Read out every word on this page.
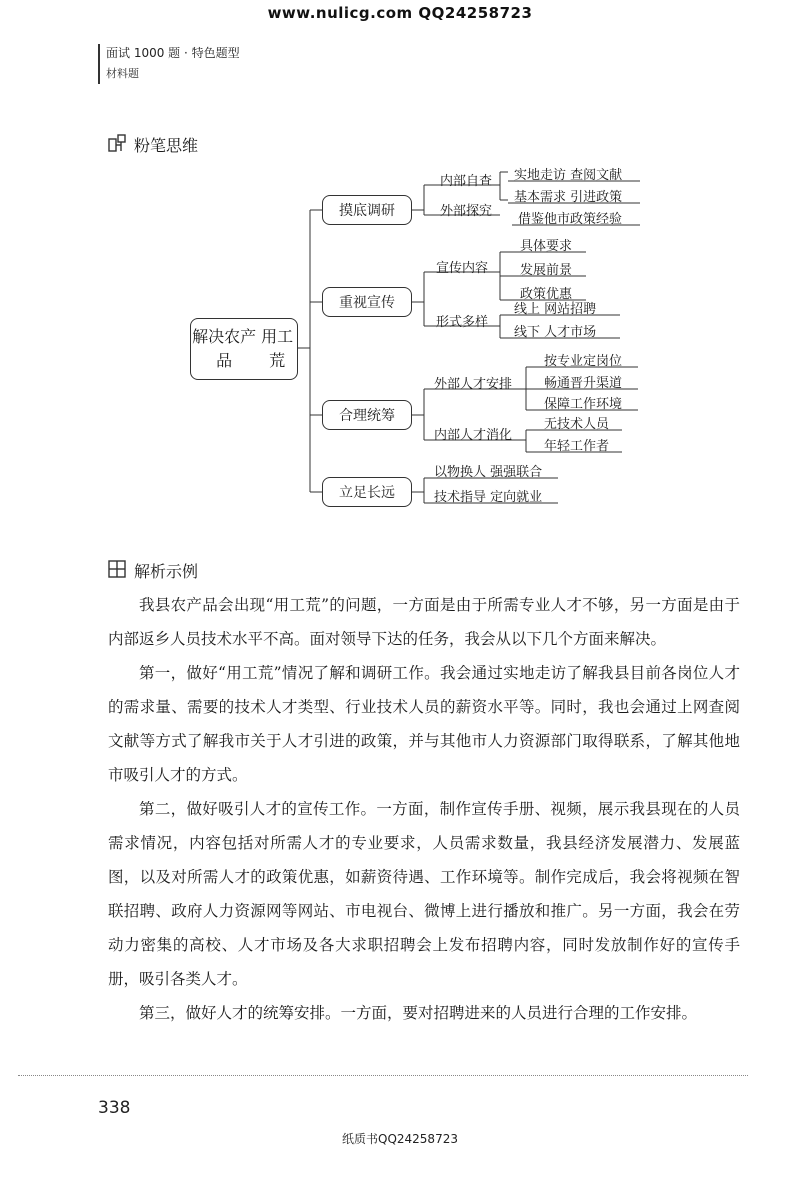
www.nulicg.com QQ24258723
面试 1000 题 · 特色题型
材料题
粉笔思维
解决农产品
用工荒
摸底调研
重视宣传
合理统筹
立足长远
内部自查
外部探究
宣传内容
形式多样
外部人才安排
内部人才消化
实地走访 查阅文献
基本需求 引进政策
借鉴他市政策经验
具体要求
发展前景
政策优惠
线上 网站招聘
线下 人才市场
按专业定岗位
畅通晋升渠道
保障工作环境
无技术人员
年轻工作者
以物换人 强强联合
技术指导 定向就业
解析示例

我县农产品会出现“用工荒”的问题，一方面是由于所需专业人才不够，另一方面是由于内部返乡人员技术水平不高。面对领导下达的任务，我会从以下几个方面来解决。

第一，做好“用工荒”情况了解和调研工作。我会通过实地走访了解我县目前各岗位人才的需求量、需要的技术人才类型、行业技术人员的薪资水平等。同时，我也会通过上网查阅文献等方式了解我市关于人才引进的政策，并与其他市人力资源部门取得联系，了解其他地市吸引人才的方式。

第二，做好吸引人才的宣传工作。一方面，制作宣传手册、视频，展示我县现在的人员需求情况，内容包括对所需人才的专业要求，人员需求数量，我县经济发展潜力、发展蓝图，以及对所需人才的政策优惠，如薪资待遇、工作环境等。制作完成后，我会将视频在智联招聘、政府人力资源网等网站、市电视台、微博上进行播放和推广。另一方面，我会在劳动力密集的高校、人才市场及各大求职招聘会上发布招聘内容，同时发放制作好的宣传手册，吸引各类人才。

第三，做好人才的统筹安排。一方面，要对招聘进来的人员进行合理的工作安排。

338
纸质书QQ24258723
